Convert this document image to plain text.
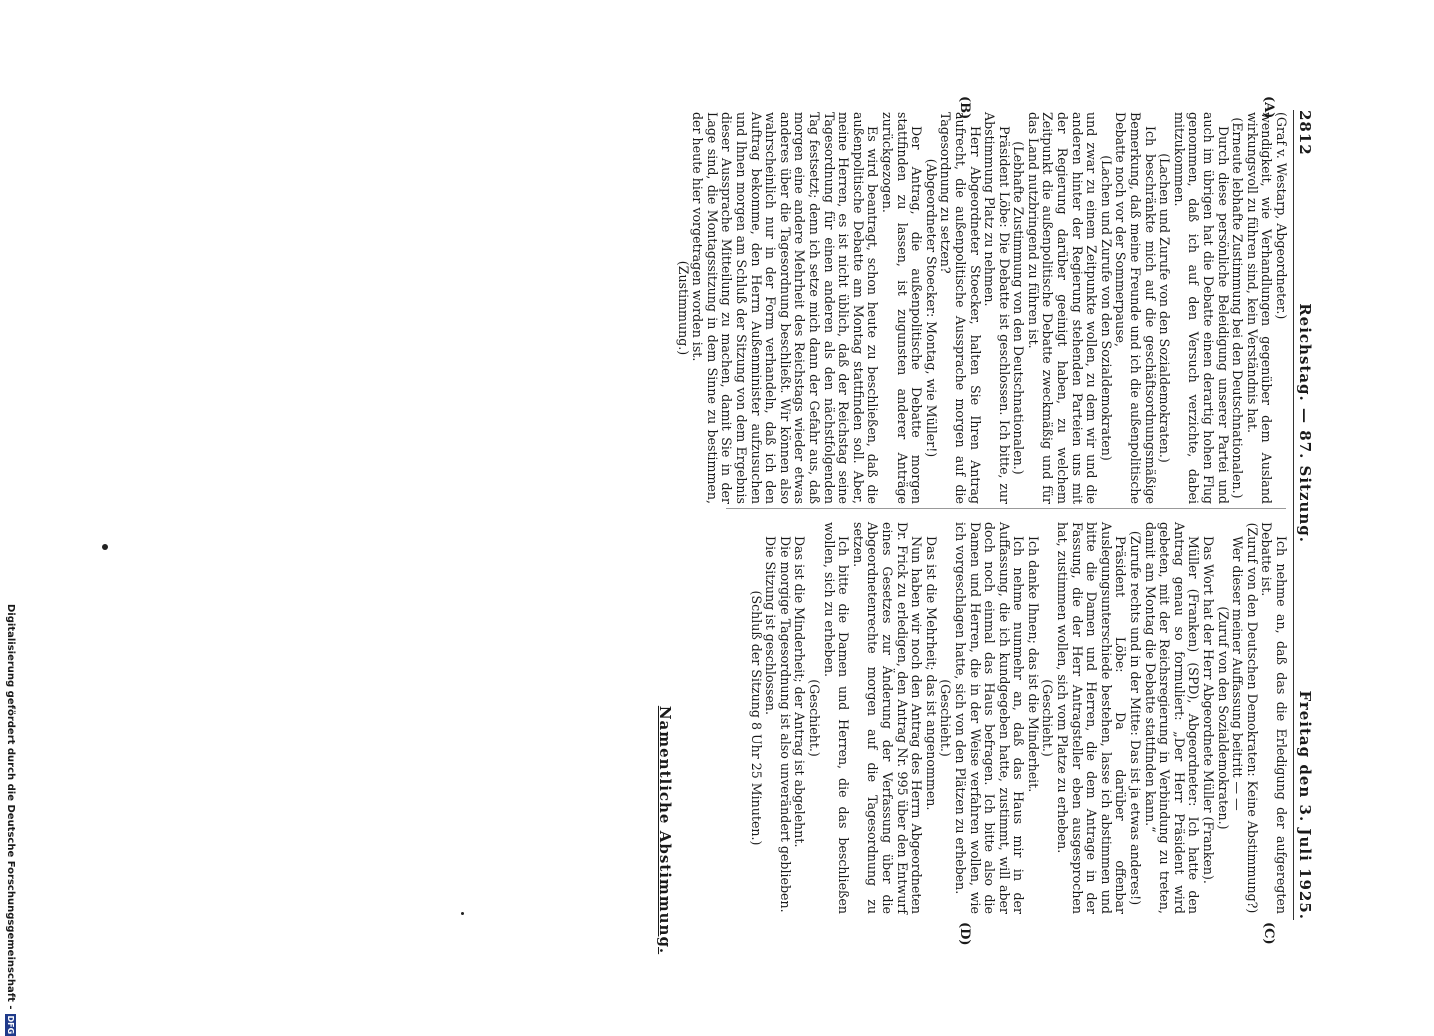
Digitalisierung gefördert durch die Deutsche Forschungsgemeinschaft -
DFG
2812
Reichstag. — 87. Sitzung.
Freitag den 3. Juli 1925.
(A)
(B)
(C)
(D)

(Graf v. Westarp, Abgeordneter.)

wendigkeit, wie Verhandlungen gegenüber dem Ausland wirkungsvoll zu führen sind, kein Verständnis hat.

(Erneute lebhafte Zustimmung bei den Deutschnationalen.)

Durch diese persönliche Beleidigung unserer Partei und auch im übrigen hat die Debatte einen derartig hohen Flug genommen, daß ich auf den Versuch verzichte, dabei mitzukommen.

(Lachen und Zurufe von den Sozialdemokraten.)

Ich beschränkte mich auf die geschäftsordnungsmäßige Bemerkung, daß meine Freunde und ich die außenpolitische Debatte noch vor der Sommerpause,

(Lachen und Zurufe von den Sozialdemokraten)

und zwar zu einem Zeitpunkte wollen, zu dem wir und die anderen hinter der Regierung stehenden Parteien uns mit der Regierung darüber geeinigt haben, zu welchem Zeitpunkt die außenpolitische Debatte zweckmäßig und für das Land nutzbringend zu führen ist.

(Lebhafte Zustimmung von den Deutschnationalen.)

Präsident Löbe: Die Debatte ist geschlossen. Ich bitte, zur Abstimmung Platz zu nehmen.

Herr Abgeordneter Stoecker, halten Sie Ihren Antrag aufrecht, die außenpolitische Aussprache morgen auf die Tagesordnung zu setzen?

(Abgeordneter Stoecker: Montag, wie Müller!)

Der Antrag, die außenpolitische Debatte morgen stattfinden zu lassen, ist zugunsten anderer Anträge zurückgezogen.

Es wird beantragt, schon heute zu beschließen, daß die außenpolitische Debatte am Montag stattfinden soll. Aber, meine Herren, es ist nicht üblich, daß der Reichstag seine Tagesordnung für einen anderen als den nächstfolgenden Tag festsetzt; denn ich setze mich dann der Gefahr aus, daß morgen eine andere Mehrheit des Reichstags wieder etwas anderes über die Tagesordnung beschließt. Wir können also wahrscheinlich nur in der Form verhandeln, daß ich den Auftrag bekomme, den Herrn Außenminister aufzusuchen und Ihnen morgen am Schluß der Sitzung von dem Ergebnis dieser Aussprache Mitteilung zu machen, damit Sie in der Lage sind, die Montagssitzung in dem Sinne zu bestimmen, der heute hier vorgetragen worden ist.

(Zustimmung.)

Ich nehme an, daß das die Erledigung der aufgeregten Debatte ist.

(Zuruf von den Deutschen Demokraten: Keine Abstimmung?)

Wer dieser meiner Auffassung beitritt — —

(Zuruf von den Sozialdemokraten.)

Das Wort hat der Herr Abgeordnete Müller (Franken).

Müller (Franken) (SPD), Abgeordneter: Ich hatte den Antrag genau so formuliert: „Der Herr Präsident wird gebeten, mit der Reichsregierung in Verbindung zu treten, damit am Montag die Debatte stattfinden kann.“

(Zurufe rechts und in der Mitte: Das ist ja etwas anderes!)

Präsident Löbe: Da darüber offenbar Auslegungsunterschiede bestehen, lasse ich abstimmen und bitte die Damen und Herren, die dem Antrage in der Fassung, die der Herr Antragsteller eben ausgesprochen hat, zustimmen wollen, sich vom Platze zu erheben.

(Geschieht.)

Ich danke Ihnen; das ist die Minderheit.

Ich nehme nunmehr an, daß das Haus mir in der Auffassung, die ich kundgegeben hatte, zustimmt, will aber doch noch einmal das Haus befragen. Ich bitte also die Damen und Herren, die in der Weise verfahren wollen, wie ich vorgeschlagen hatte, sich von den Plätzen zu erheben.

(Geschieht.)

Das ist die Mehrheit; das ist angenommen.

Nun haben wir noch den Antrag des Herrn Abgeordneten Dr. Frick zu erledigen, den Antrag Nr. 995 über den Entwurf eines Gesetzes zur Änderung der Verfassung über die Abgeordnetenrechte morgen auf die Tagesordnung zu setzen.

Ich bitte die Damen und Herren, die das beschließen wollen, sich zu erheben.

(Geschieht.)

Das ist die Minderheit; der Antrag ist abgelehnt.

Die morgige Tagesordnung ist also unverändert geblieben.

Die Sitzung ist geschlossen.

(Schluß der Sitzung 8 Uhr 25 Minuten.)

Namentliche Abstimmung.
